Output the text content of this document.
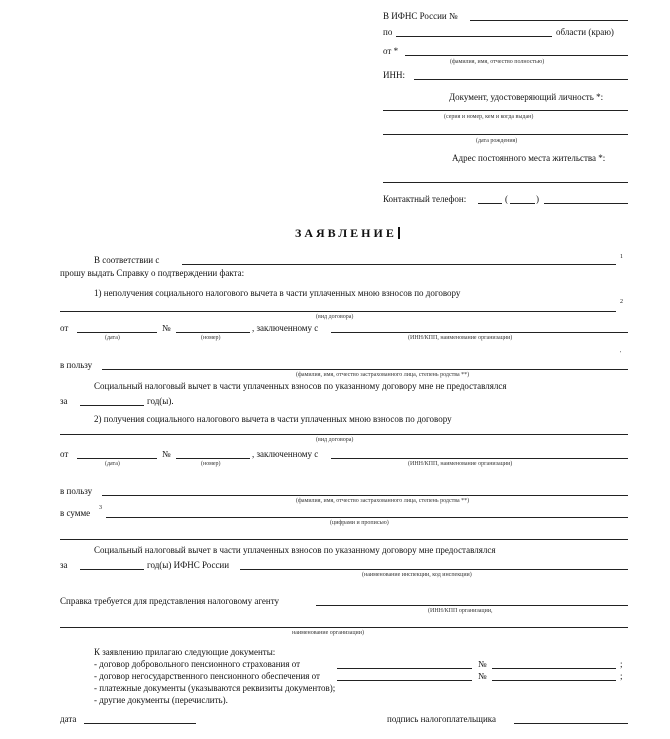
В ИФНС России №
по	области (краю)
от *
(фамилия, имя, отчество полностью)
ИНН:
Документ, удостоверяющий личность *:
(серия и номер, кем и когда выдан)
(дата рождения)
Адрес постоянного места жительства *:
Контактный телефон:	(	)
ЗАЯВЛЕНИЕ
В соответствии с	1
прошу выдать Справку о подтверждении факта:
1) неполучения социального налогового вычета в части уплаченных мною взносов по договору
2
(вид договора)
от	№	, заключенному с
(дата)	(номер)	(ИНН/КПП, наименование организации)
в пользу
'
(фамилия, имя, отчество застрахованного лица, степень родства **)
Социальный налоговый вычет в части уплаченных взносов по указанному договору мне не предоставлялся
за	год(ы).
2) получения социального налогового вычета в части уплаченных мною взносов по договору
(вид договора)
от	№	, заключенному с
(дата)	(номер)	(ИНН/КПП, наименование организации)
в пользу
(фамилия, имя, отчество застрахованного лица, степень родства **)
в сумме 3
(цифрами и прописью)
Социальный налоговый вычет в части уплаченных взносов по указанному договору мне предоставлялся
за	год(ы) ИФНС России
(наименование инспекции, код инспекции)
Справка требуется для представления налоговому агенту
(ИНН/КПП организации,
наименование организации)
К заявлению прилагаю следующие документы:
- договор добровольного пенсионного страхования от	№	;
- договор негосударственного пенсионного обеспечения от	№	;
- платежные документы (указываются реквизиты документов);
- другие документы (перечислить).
дата	подпись налогоплательщика
